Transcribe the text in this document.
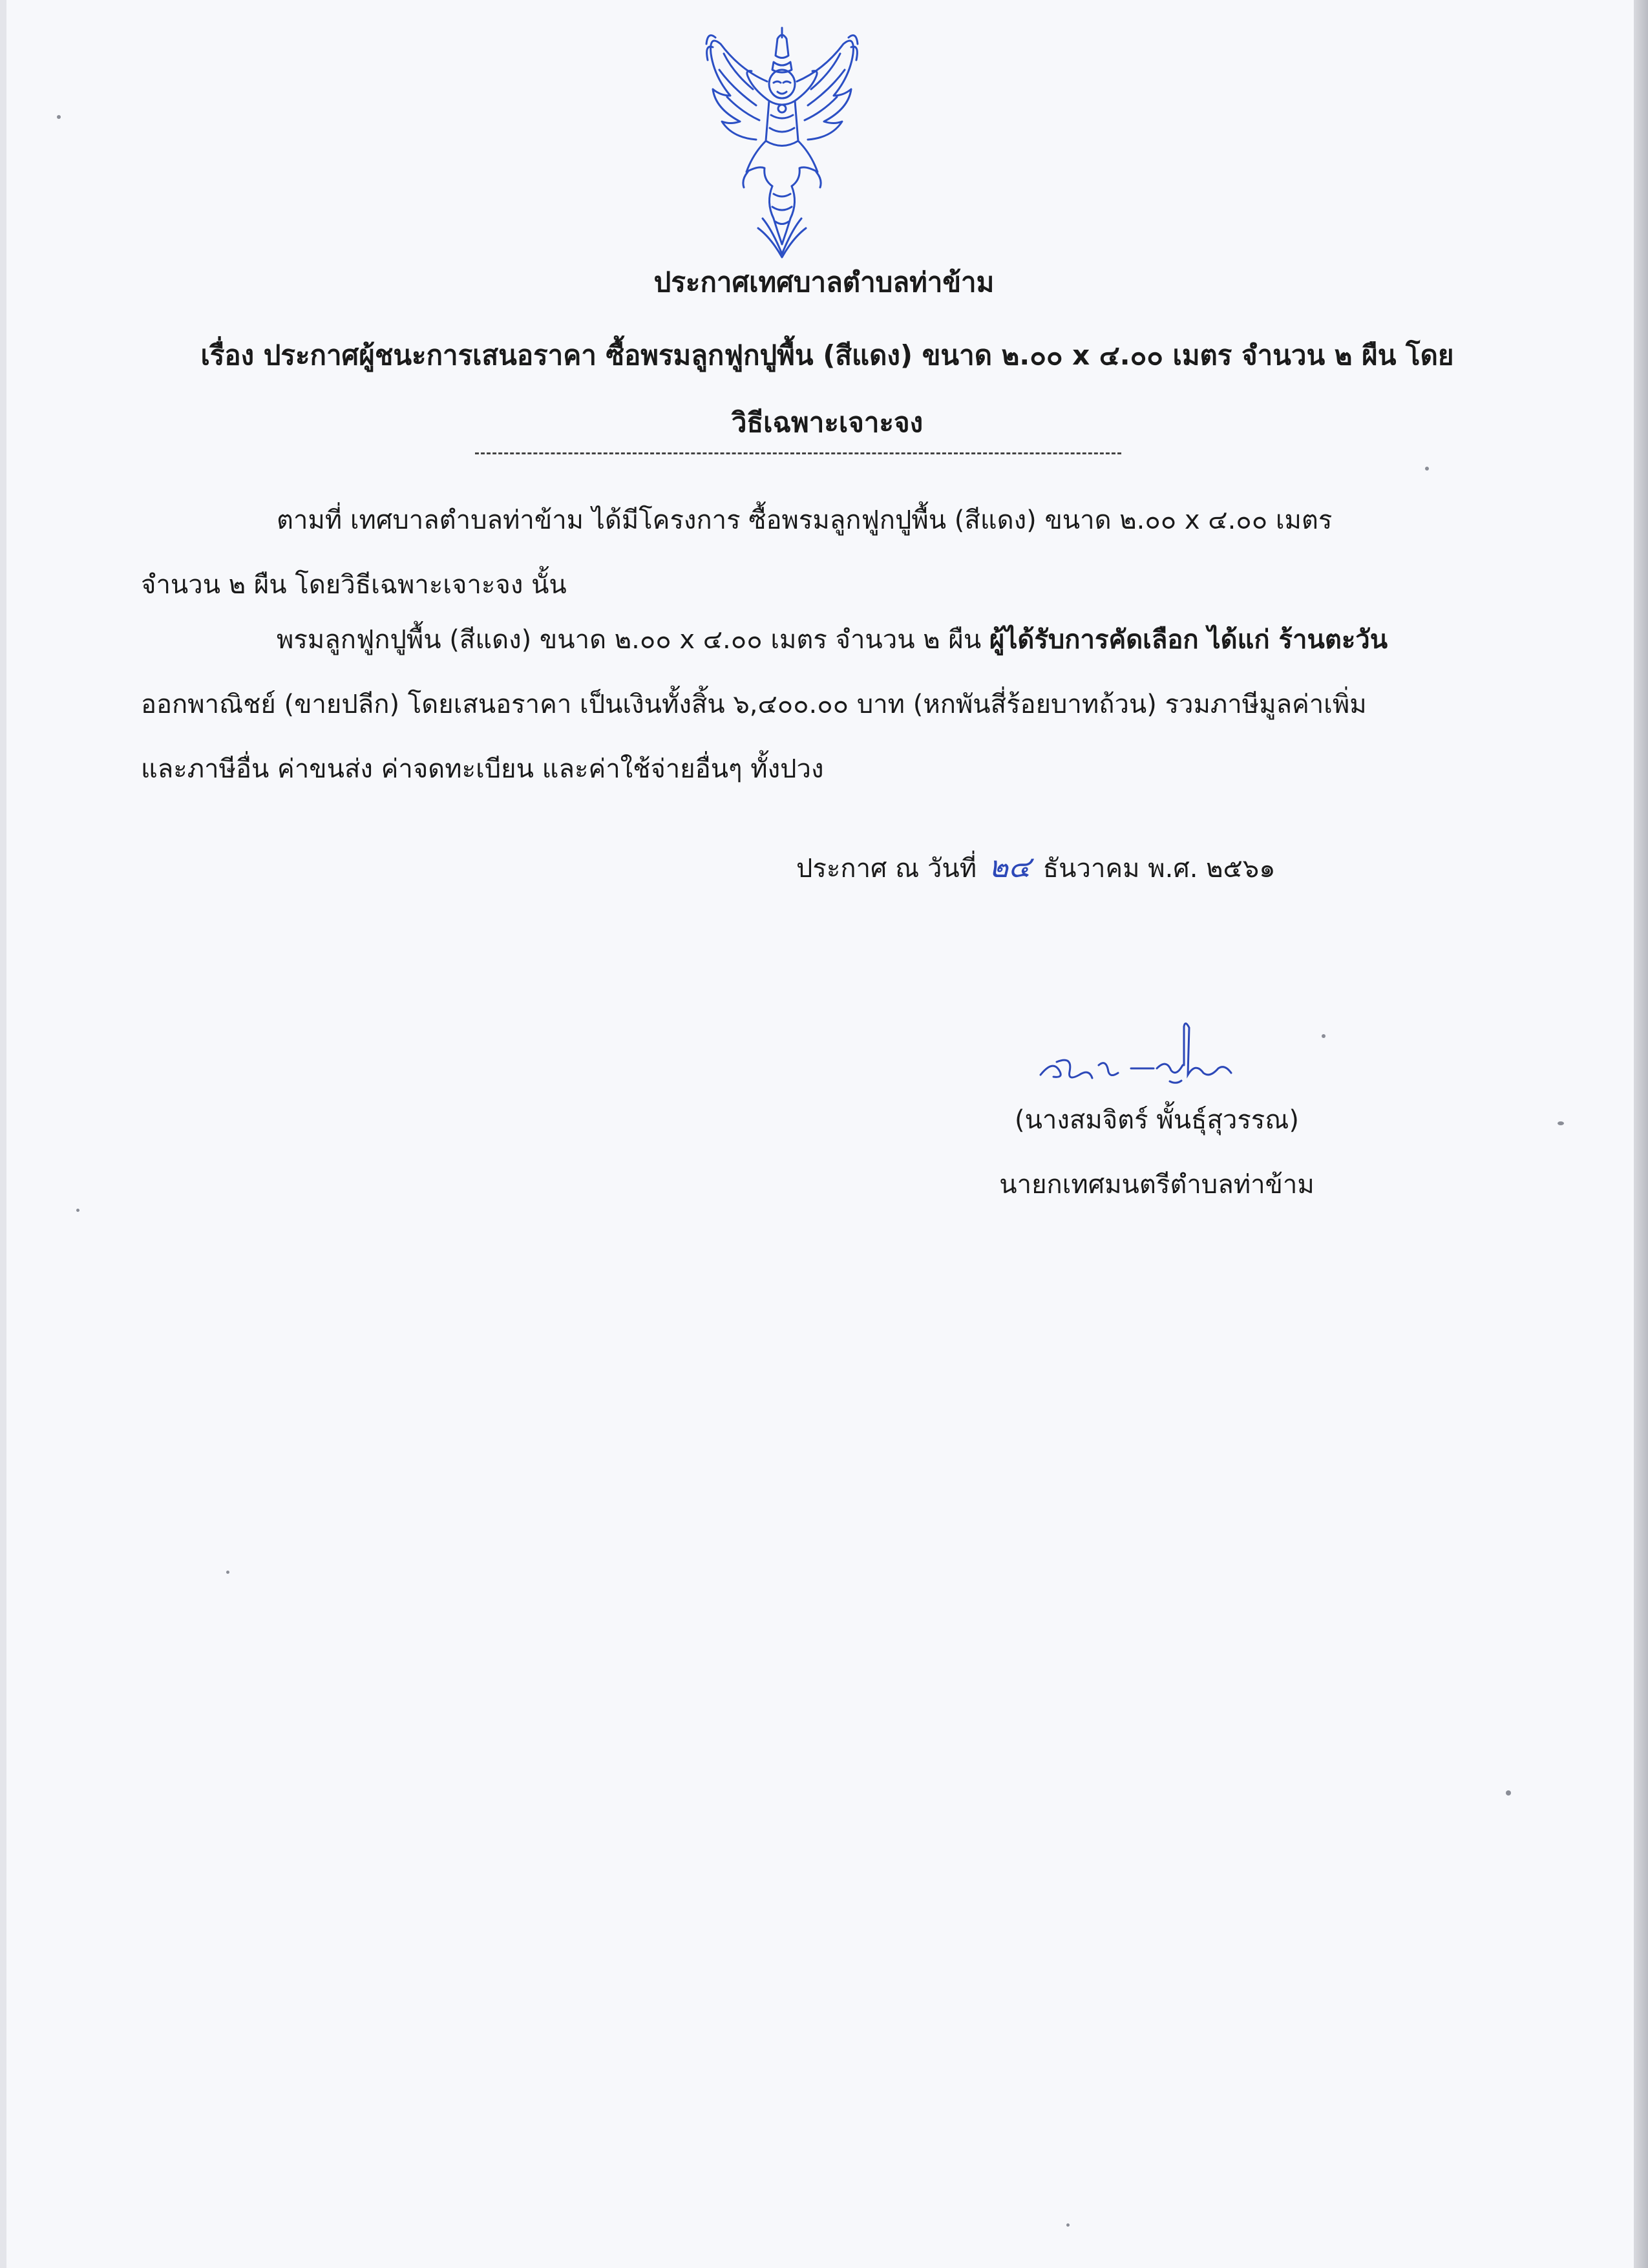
ประกาศเทศบาลตำบลท่าข้าม
เรื่อง ประกาศผู้ชนะการเสนอราคา ซื้อพรมลูกฟูกปูพื้น (สีแดง) ขนาด ๒.๐๐ x ๔.๐๐ เมตร จำนวน ๒ ผืน โดย
วิธีเฉพาะเจาะจง
ตามที่ เทศบาลตำบลท่าข้าม ได้มีโครงการ ซื้อพรมลูกฟูกปูพื้น (สีแดง) ขนาด ๒.๐๐ x ๔.๐๐ เมตร
จำนวน ๒ ผืน โดยวิธีเฉพาะเจาะจง นั้น
พรมลูกฟูกปูพื้น (สีแดง) ขนาด ๒.๐๐ x ๔.๐๐ เมตร จำนวน ๒ ผืน ผู้ได้รับการคัดเลือก ได้แก่ ร้านตะวัน
ออกพาณิชย์ (ขายปลีก) โดยเสนอราคา เป็นเงินทั้งสิ้น ๖,๔๐๐.๐๐ บาท (หกพันสี่ร้อยบาทถ้วน) รวมภาษีมูลค่าเพิ่ม
และภาษีอื่น ค่าขนส่ง ค่าจดทะเบียน และค่าใช้จ่ายอื่นๆ ทั้งปวง
ประกาศ ณ วันที่ ๒๔ ธันวาคม พ.ศ. ๒๕๖๑
(นางสมจิตร์ พั้นธุ์สุวรรณ)
นายกเทศมนตรีตำบลท่าข้าม
